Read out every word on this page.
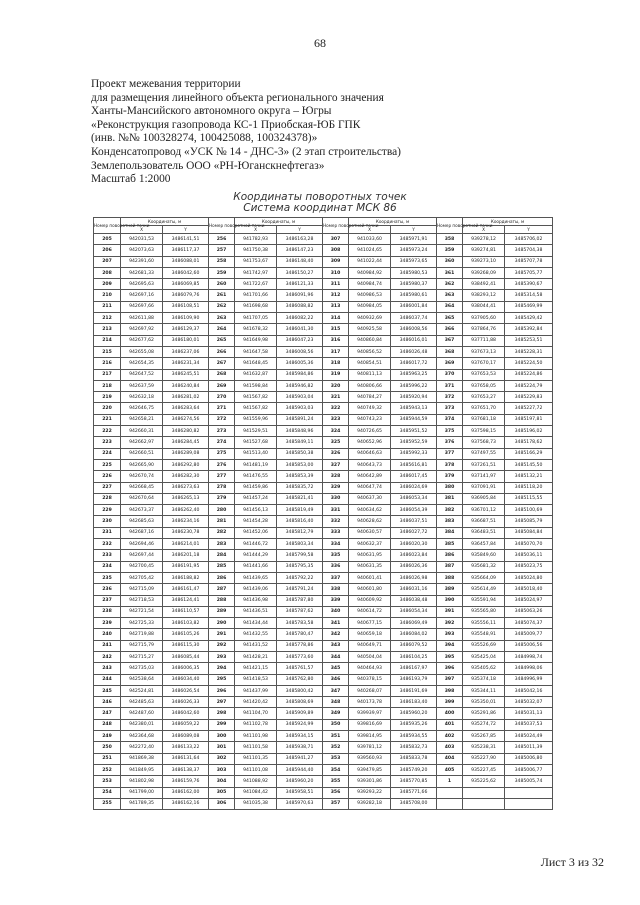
68
Проект межевания территории
для размещения линейного объекта регионального значения
Ханты-Мансийского автономного округа – Югры
«Реконструкция газопровода КС-1 Приобская-ЮБ ГПК
(инв. №№ 100328274, 100425088, 100324378)»
Конденсатопровод «УСК № 14 - ДНС-3» (2 этап строительства)
Землепользователь ООО «РН-Юганскнефтегаз»
Масштаб 1:2000
Координаты поворотных точек
Система координат МСК 86
Номер поворотной точки	Координаты, м		Номер поворотной точки	Координаты, м		Номер поворотной точки	Координаты, м		Номер поворотной точки	Координаты, м	
	X	Y		X	Y		X	Y		X	Y
205	942031,53	3486141,51	256	941782,93	3486163,28	307	941033,60	3485971,91	358	939278,12	3485706,02
206	942073,63	3486117,37	257	941750,38	3486147,23	308	941024,65	3485973,24	359	939274,81	3485704,38
207	942391,60	3486088,01	258	941753,67	3486148,40	309	941022,44	3485973,65	360	939273,10	3485707,78
208	942681,33	3486042,60	259	941742,97	3486150,27	310	940984,92	3485980,53	361	939268,09	3485705,77
209	942695,63	3486069,85	260	941722,67	3486121,33	311	940984,74	3485980,37	362	938492,41	3485390,67
210	942697,16	3486079,76	261	941701,66	3486091,96	312	940986,53	3485980,61	363	938293,12	3485314,58
211	942697,66	3486108,51	262	941698,68	3486088,82	313	940984,05	3486001,84	364	938044,41	3485469,99
212	942611,88	3486109,90	263	941707,05	3486082,22	314	940932,69	3486037,74	365	937905,60	3485429,42
213	942697,92	3486129,37	264	941678,32	3486041,30	315	940925,58	3486008,56	366	937864,76	3485392,84
214	942677,62	3486180,01	265	941649,98	3486047,23	316	940860,84	3486016,01	367	937711,88	3485253,51
215	942655,08	3486237,06	266	941647,58	3486008,56	317	940856,52	3486026,48	368	937673,13	3485228,31
216	942654,35	3486231,34	267	941648,45	3486005,36	318	940854,51	3486017,72	369	937670,17	3485224,50
217	942647,52	3486245,51	268	941632,87	3485984,86	319	940811,13	3485963,25	370	937653,53	3485224,86
218	942637,59	3486240,84	269	941598,84	3485946,82	320	940806,66	3485996,22	371	937658,05	3485224,79
219	942632,18	3486281,02	270	941567,82	3485903,04	321	940784,27	3485920,94	372	937653,27	3485229,83
220	942646,75	3486283,64	271	941567,82	3485903,03	322	940749,32	3485943,13	373	937651,70	3485227,72
221	942658,21	3486274,56	272	941559,96	3485891,24	323	940743,23	3485944,59	374	937681,18	3485197,81
222	942660,31	3486280,82	273	941529,51	3485848,96	324	940726,65	3485951,52	375	937598,15	3485196,02
223	942662,97	3486284,45	274	941527,68	3485849,11	325	940652,96	3485952,59	376	937568,73	3485178,62
224	942660,51	3486289,08	275	941513,40	3485850,38	326	940646,63	3485992,33	377	937497,55	3485166,29
225	942665,90	3486292,80	276	941481,19	3485853,00	327	940643,73	3485616,81	378	937261,51	3485145,50
226	942670,74	3486282,30	277	941476,55	3485853,39	328	940642,89	3486017,45	379	937141,97	3485132,21
227	942668,45	3486273,63	278	941459,86	3485835,72	329	940647,74	3486024,69	380	937091,91	3485118,20
228	942670,64	3486265,13	279	941457,24	3485821,41	330	940637,30	3486053,34	381	936905,84	3485115,55
229	942673,37	3486262,40	280	941456,13	3485819,49	331	940634,62	3486054,39	382	936701,12	3485100,69
230	942685,63	3486234,16	281	941454,28	3485816,40	332	940628,62	3486037,51	383	936687,51	3485085,79
231	942687,16	3486230,78	282	941452,06	3485812,79	333	940630,57	3486027,72	384	936483,51	3485084,84
232	942694,46	3486214,01	283	941446,72	3485803,34	334	940632,37	3486020,30	385	936457,84	3485070,70
233	942697,44	3486201,18	284	941444,29	3485799,58	335	940631,95	3486023,84	386	935849,60	3485036,11
234	942700,45	3486191,95	285	941441,66	3485795,35	336	940631,35	3486026,36	387	935681,32	3485023,75
235	942705,42	3486188,82	286	941439,65	3485792,22	337	940601,41	3486026,98	388	935664,09	3485024,80
236	942715,09	3486161,47	287	941439,06	3485791,24	338	940601,80	3486031,16	389	935614,49	3485018,40
237	942718,53	3486124,41	288	941436,98	3485787,80	339	940609,92	3486038,48	390	935591,94	3485024,97
238	942721,54	3486110,57	289	941436,51	3485787,62	340	940614,72	3486054,34	391	935565,80	3485063,26
239	942725,33	3486103,82	290	941434,44	3485783,58	341	940677,15	3486069,49	392	935556,11	3485074,37
240	942719,88	3486105,26	291	941432,55	3485780,47	342	940659,18	3486084,02	393	935548,91	3485009,77
241	942715,79	3486115,30	292	941431,52	3485778,86	343	940649,71	3486079,52	394	935526,69	3485006,56
242	942715,27	3486085,44	293	941428,21	3485773,60	344	940504,04	3486104,25	395	935425,04	3484998,74
243	942735,03	3486006,35	294	941421,15	3485761,57	345	940464,93	3486167,97	396	935405,62	3484998,06
244	942538,64	3486034,40	295	941418,53	3485762,80	346	940378,15	3486193,79	397	935374,18	3484996,99
245	942524,81	3486026,54	296	941437,99	3485800,42	347	940268,07	3486191,69	398	935344,11	3485042,16
246	942485,63	3486026,33	297	941420,42	3485808,69	348	940173,78	3486183,40	399	935350,01	3485032,07
247	942487,60	3486042,60	298	941104,70	3485909,89	349	939939,97	3485960,20	400	935291,86	3485031,13
248	942380,01	3486059,22	299	941102,78	3485924,99	350	939816,69	3485935,26	401	935274,72	3485037,53
249	942364,68	3486089,08	300	941101,98	3485934,15	351	939814,95	3485934,55	402	935267,85	3485024,49
250	942272,40	3486133,22	301	941101,58	3485938,71	352	939781,12	3485832,73	403	935238,31	3485011,39
251	941869,38	3486131,64	302	941101,35	3485941,27	353	939560,93	3485833,78	404	935227,90	3485006,80
252	941849,95	3486138,37	303	941101,08	3485944,40	354	939479,85	3485749,20	405	935227,45	3485006,77
253	941802,98	3486159,76	304	941088,92	3485960,20	355	939301,86	3485770,85	1	935225,62	3485005,74
254	941799,00	3486162,00	305	941084,42	3485958,51	356	939293,22	3485771,66			
255	941789,35	3486162,16	306	941035,38	3485970,63	357	939282,18	3485708,00			
Лист 3 из 32
